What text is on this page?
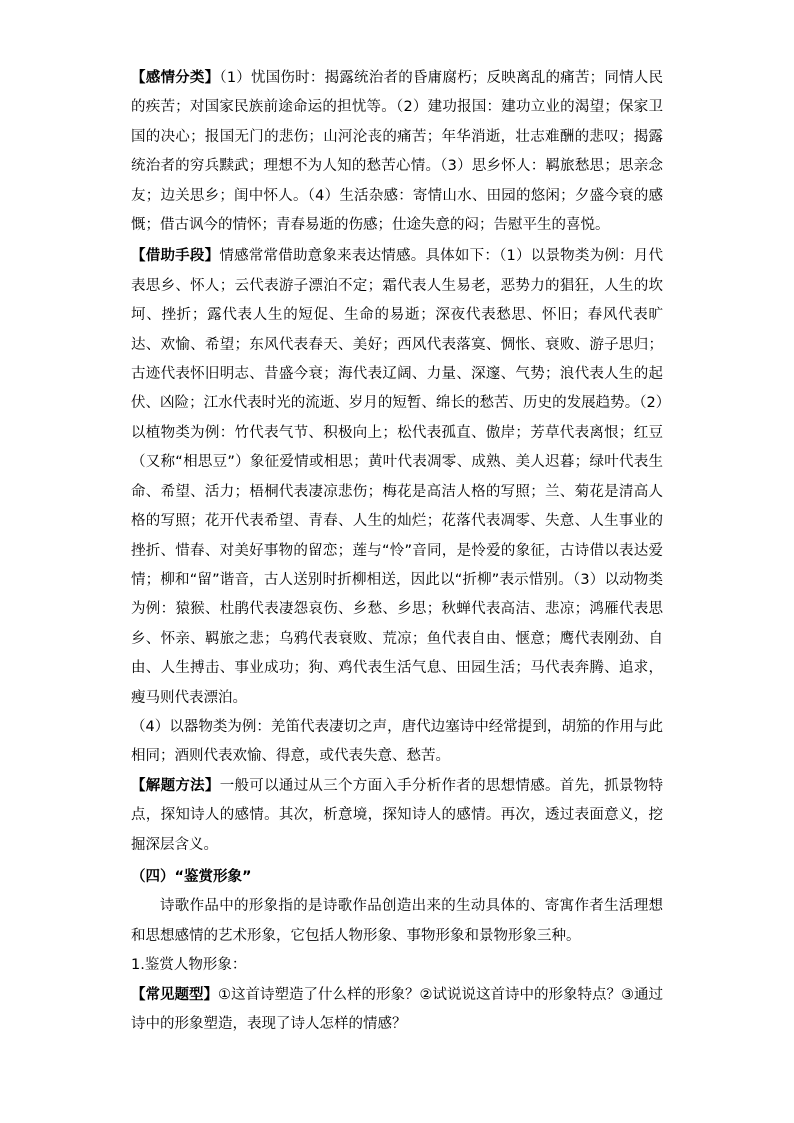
【感情分类】（1）忧国伤时：揭露统治者的昏庸腐朽；反映离乱的痛苦；同情人民的疾苦；对国家民族前途命运的担忧等。（2）建功报国：建功立业的渴望；保家卫国的决心；报国无门的悲伤；山河沦丧的痛苦；年华消逝，壮志难酬的悲叹；揭露统治者的穷兵黩武；理想不为人知的愁苦心情。（3）思乡怀人：羁旅愁思；思亲念友；边关思乡；闺中怀人。（4）生活杂感：寄情山水、田园的悠闲；夕盛今衰的感慨；借古讽今的情怀；青春易逝的伤感；仕途失意的闷；告慰平生的喜悦。

【借助手段】情感常常借助意象来表达情感。具体如下：（1）以景物类为例：月代表思乡、怀人；云代表游子漂泊不定；霜代表人生易老，恶势力的猖狂，人生的坎坷、挫折；露代表人生的短促、生命的易逝；深夜代表愁思、怀旧；春风代表旷达、欢愉、希望；东风代表春天、美好；西风代表落寞、惆怅、衰败、游子思归；古迹代表怀旧明志、昔盛今衰；海代表辽阔、力量、深邃、气势；浪代表人生的起伏、凶险；江水代表时光的流逝、岁月的短暂、绵长的愁苦、历史的发展趋势。（2）以植物类为例：竹代表气节、积极向上；松代表孤直、傲岸；芳草代表离恨；红豆（又称“相思豆”）象征爱情或相思；黄叶代表凋零、成熟、美人迟暮；绿叶代表生命、希望、活力；梧桐代表凄凉悲伤；梅花是高洁人格的写照；兰、菊花是清高人格的写照；花开代表希望、青春、人生的灿烂；花落代表凋零、失意、人生事业的挫折、惜春、对美好事物的留恋；莲与“怜”音同，是怜爱的象征，古诗借以表达爱情；柳和“留”谐音，古人送别时折柳相送，因此以“折柳”表示惜别。（3）以动物类为例：猿猴、杜鹃代表凄怨哀伤、乡愁、乡思；秋蝉代表高洁、悲凉；鸿雁代表思乡、怀亲、羁旅之悲；乌鸦代表衰败、荒凉；鱼代表自由、惬意；鹰代表刚劲、自由、人生搏击、事业成功；狗、鸡代表生活气息、田园生活；马代表奔腾、追求，瘦马则代表漂泊。

（4）以器物类为例：羌笛代表凄切之声，唐代边塞诗中经常提到，胡笳的作用与此相同；酒则代表欢愉、得意，或代表失意、愁苦。

【解题方法】一般可以通过从三个方面入手分析作者的思想情感。首先，抓景物特点，探知诗人的感情。其次，析意境，探知诗人的感情。再次，透过表面意义，挖掘深层含义。

（四）“鉴赏形象”

诗歌作品中的形象指的是诗歌作品创造出来的生动具体的、寄寓作者生活理想和思想感情的艺术形象，它包括人物形象、事物形象和景物形象三种。

1.鉴赏人物形象：

【常见题型】①这首诗塑造了什么样的形象？②试说说这首诗中的形象特点？③通过诗中的形象塑造，表现了诗人怎样的情感？
